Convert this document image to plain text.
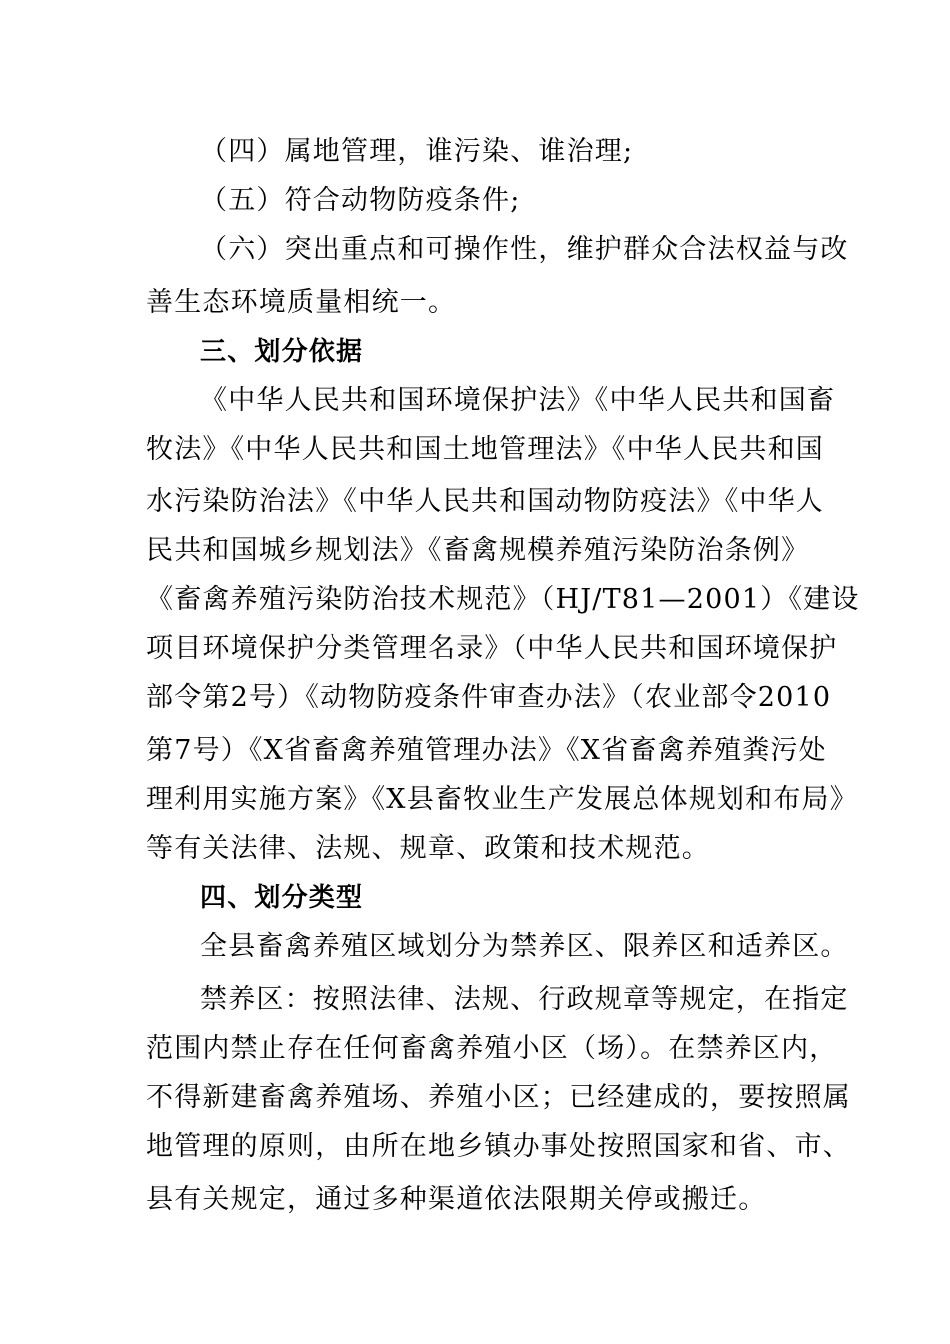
（四）属地管理，谁污染、谁治理;
（五）符合动物防疫条件;
（六）突出重点和可操作性，维护群众合法权益与改
善生态环境质量相统一。
三、划分依据
《中华人民共和国环境保护法》《中华人民共和国畜
牧法》《中华人民共和国土地管理法》《中华人民共和国
水污染防治法》《中华人民共和国动物防疫法》《中华人
民共和国城乡规划法》《畜禽规模养殖污染防治条例》
《畜禽养殖污染防治技术规范》（HJ/T81—2001）《建设
项目环境保护分类管理名录》（中华人民共和国环境保护
部令第2号）《动物防疫条件审查办法》（农业部令2010
第7号）《X省畜禽养殖管理办法》《X省畜禽养殖粪污处
理利用实施方案》《X县畜牧业生产发展总体规划和布局》
等有关法律、法规、规章、政策和技术规范。
四、划分类型
全县畜禽养殖区域划分为禁养区、限养区和适养区。
禁养区：按照法律、法规、行政规章等规定，在指定
范围内禁止存在任何畜禽养殖小区（场）。在禁养区内，
不得新建畜禽养殖场、养殖小区；已经建成的，要按照属
地管理的原则，由所在地乡镇办事处按照国家和省、市、
县有关规定，通过多种渠道依法限期关停或搬迁。
